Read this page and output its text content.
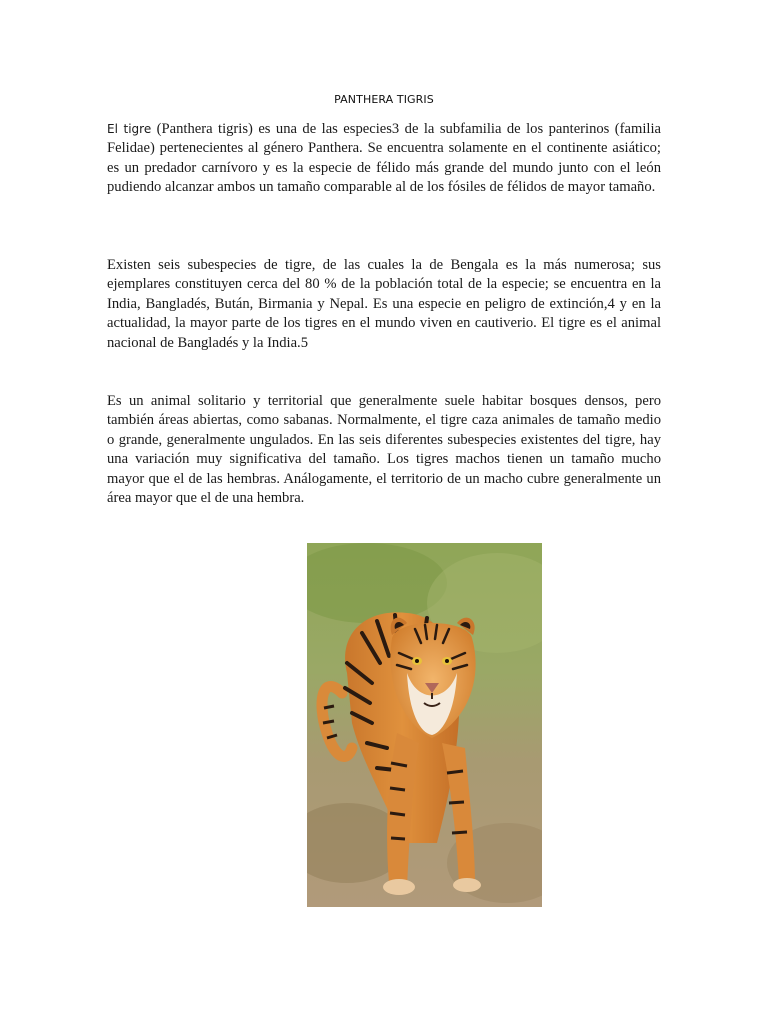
PANTHERA TIGRIS

El tigre (Panthera tigris) es una de las especies3 de la subfamilia de los panterinos (familia Felidae) pertenecientes al género Panthera. Se encuentra solamente en el continente asiático; es un predador carnívoro y es la especie de félido más grande del mundo junto con el león pudiendo alcanzar ambos un tamaño comparable al de los fósiles de félidos de mayor tamaño.

Existen seis subespecies de tigre, de las cuales la de Bengala es la más numerosa; sus ejemplares constituyen cerca del 80 % de la población total de la especie; se encuentra en la India, Bangladés, Bután, Birmania y Nepal. Es una especie en peligro de extinción,4 y en la actualidad, la mayor parte de los tigres en el mundo viven en cautiverio. El tigre es el animal nacional de Bangladés y la India.5

Es un animal solitario y territorial que generalmente suele habitar bosques densos, pero también áreas abiertas, como sabanas. Normalmente, el tigre caza animales de tamaño medio o grande, generalmente ungulados. En las seis diferentes subespecies existentes del tigre, hay una variación muy significativa del tamaño. Los tigres machos tienen un tamaño mucho mayor que el de las hembras. Análogamente, el territorio de un macho cubre generalmente un área mayor que el de una hembra.
